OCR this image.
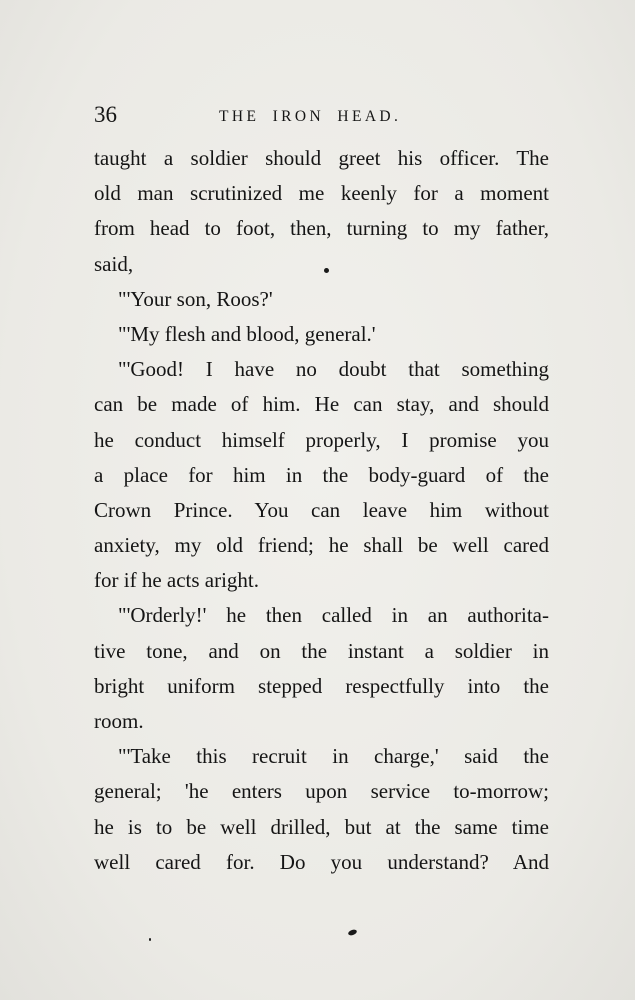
36	THE IRON HEAD.
taught a soldier should greet his officer. The
old man scrutinized me keenly for a moment
from head to foot, then, turning to my father,
said,
"'Your son, Roos?'
"'My flesh and blood, general.'
"'Good! I have no doubt that something
can be made of him. He can stay, and should
he conduct himself properly, I promise you
a place for him in the body-guard of the
Crown Prince. You can leave him without
anxiety, my old friend; he shall be well cared
for if he acts aright.
"'Orderly!' he then called in an authorita-
tive tone, and on the instant a soldier in
bright uniform stepped respectfully into the
room.
"'Take this recruit in charge,' said the
general; 'he enters upon service to-morrow;
he is to be well drilled, but at the same time
well cared for. Do you understand? And
